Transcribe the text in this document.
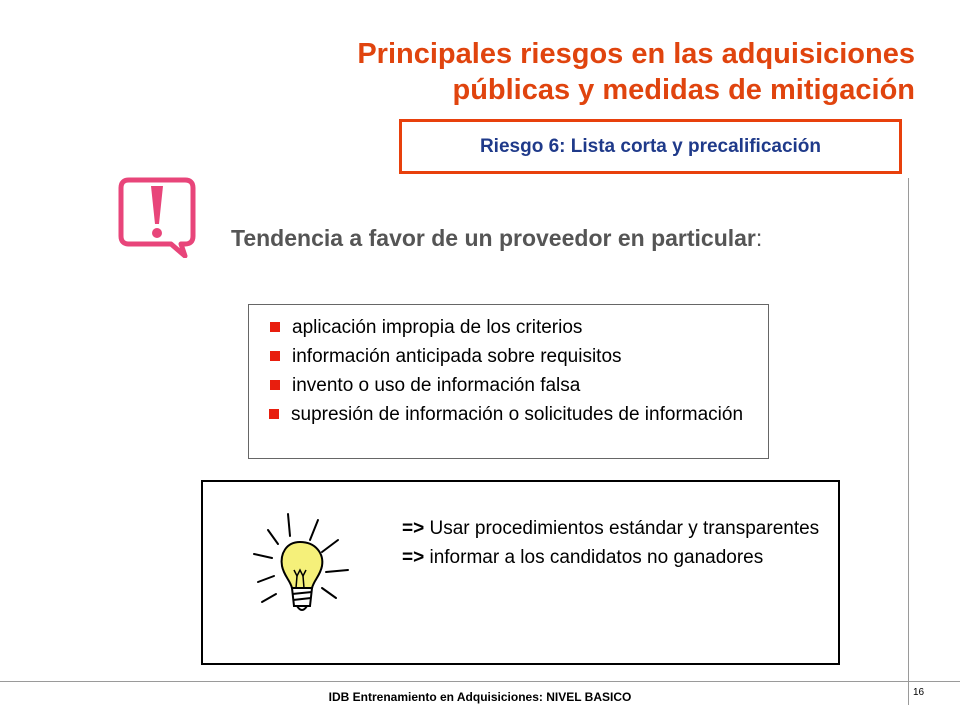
Principales riesgos en las adquisiciones
públicas y medidas de mitigación
Riesgo 6: Lista corta y precalificación
Tendencia a favor de un proveedor en particular:
aplicación impropia de los criterios
información anticipada sobre requisitos
invento o uso de información falsa
supresión de información o solicitudes de información
=> Usar procedimientos estándar y transparentes
=> informar a los candidatos no ganadores
IDB Entrenamiento en Adquisiciones: NIVEL BASICO	16
